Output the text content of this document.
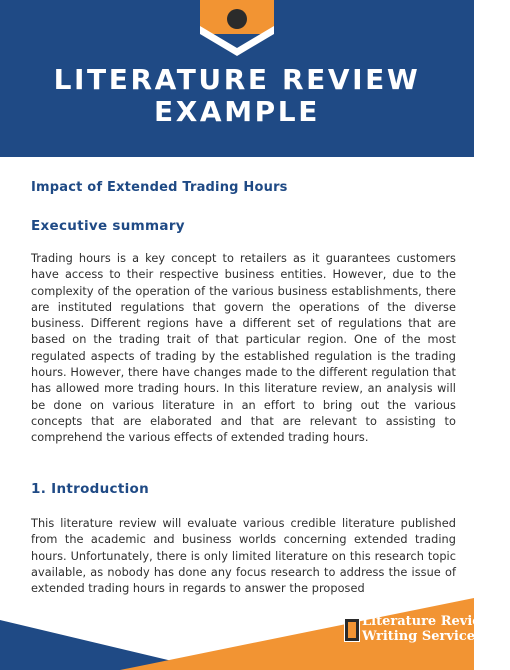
LITERATURE REVIEW
EXAMPLE

Impact of Extended Trading Hours

Executive summary

Trading hours is a key concept to retailers as it guarantees customers have access to their respective business entities. However, due to the complexity of the operation of the various business establishments, there are instituted regulations that govern the operations of the diverse business. Different regions have a different set of regulations that are based on the trading trait of that particular region. One of the most regulated aspects of trading by the established regulation is the trading hours. However, there have changes made to the different regulation that has allowed more trading hours. In this literature review, an analysis will be done on various literature in an effort to bring out the various concepts that are elaborated and that are relevant to assisting to comprehend the various effects of extended trading hours.

1. Introduction

This literature review will evaluate various credible literature published from the academic and business worlds concerning extended trading hours. Unfortunately, there is only limited literature on this research topic available, as nobody has done any focus research to address the issue of extended trading hours in regards to answer the proposed

Literature Review
Writing Service.com
